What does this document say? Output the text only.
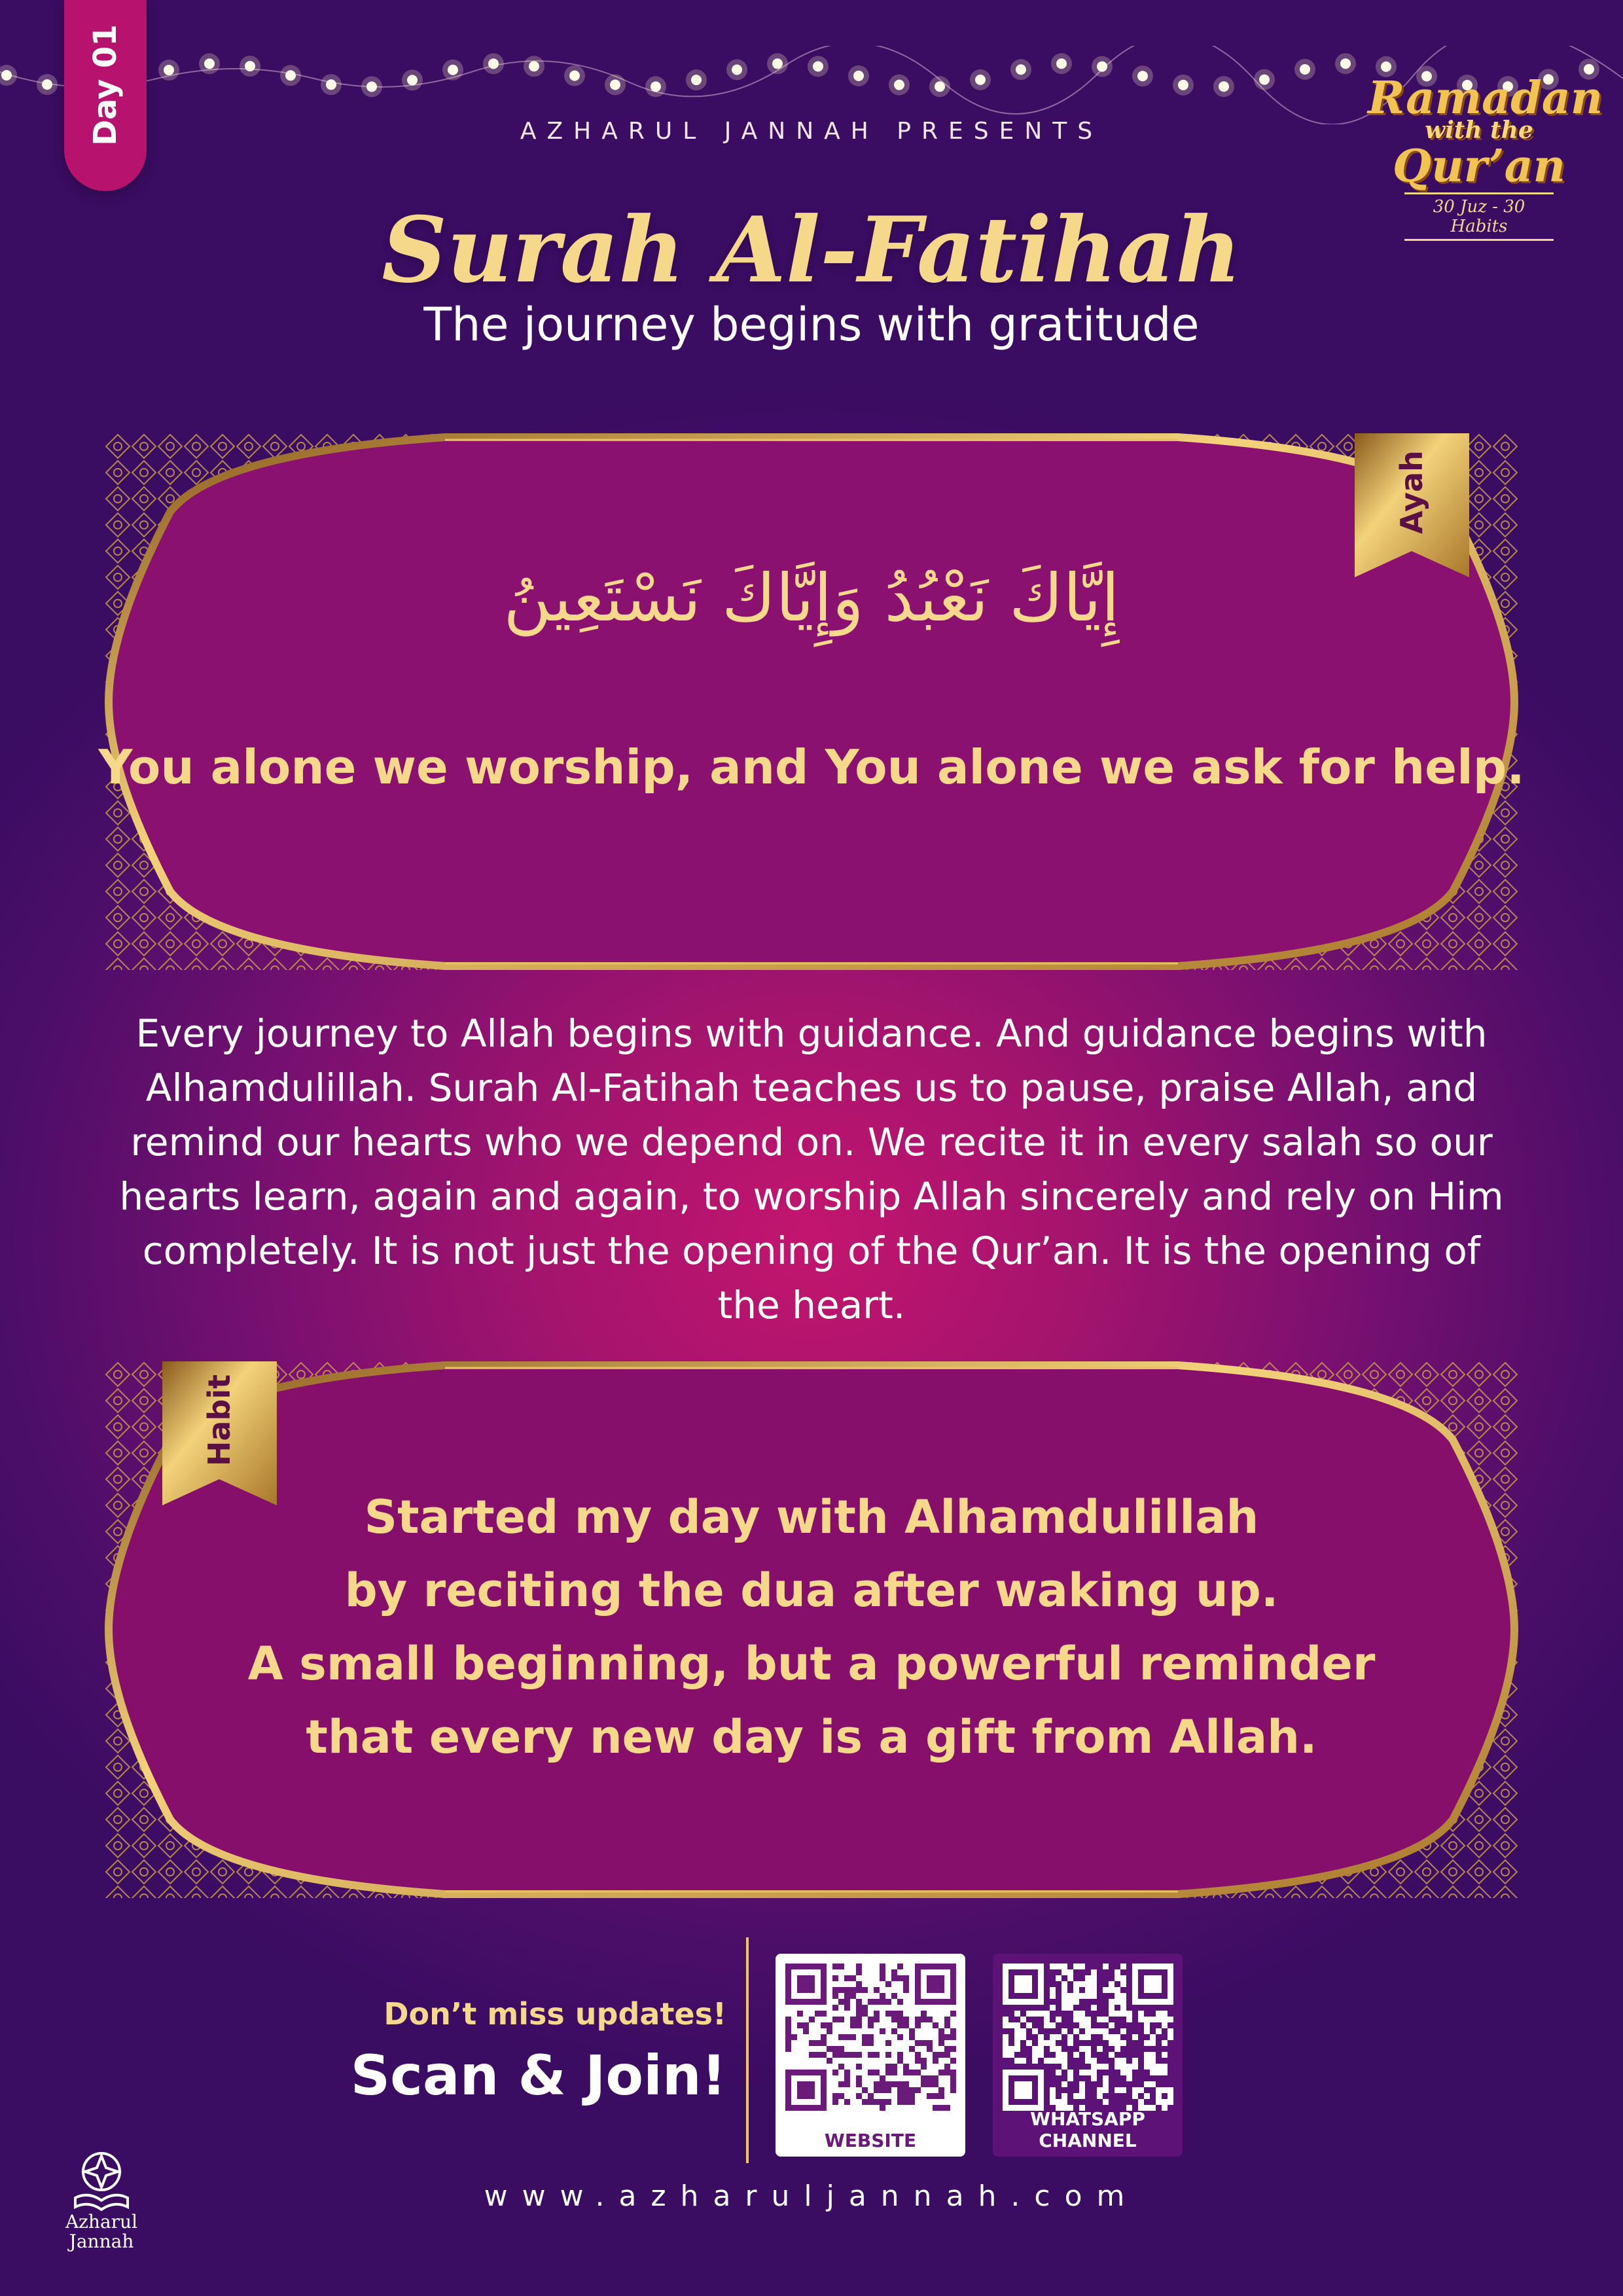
Day 01	Ramadan
with the
Qur’an
30 Juz - 30 Habits
AZHARUL JANNAH PRESENTS
Surah Al-Fatihah
The journey begins with gratitude
Ayah
إِيَّاكَ نَعْبُدُ وَإِيَّاكَ نَسْتَعِينُ
You alone we worship, and You alone we ask for help.
Every journey to Allah begins with guidance. And guidance begins with Alhamdulillah. Surah Al-Fatihah teaches us to pause, praise Allah, and remind our hearts who we depend on. We recite it in every salah so our hearts learn, again and again, to worship Allah sincerely and rely on Him completely. It is not just the opening of the Qur’an. It is the opening of the heart.
Habit
Started my day with Alhamdulillah
by reciting the dua after waking up.
A small beginning, but a powerful reminder
that every new day is a gift from Allah.
Don’t miss updates!
Scan & Join!
WEBSITE
WHATSAPP CHANNEL
www.azharuljannah.com
Azharul
Jannah
